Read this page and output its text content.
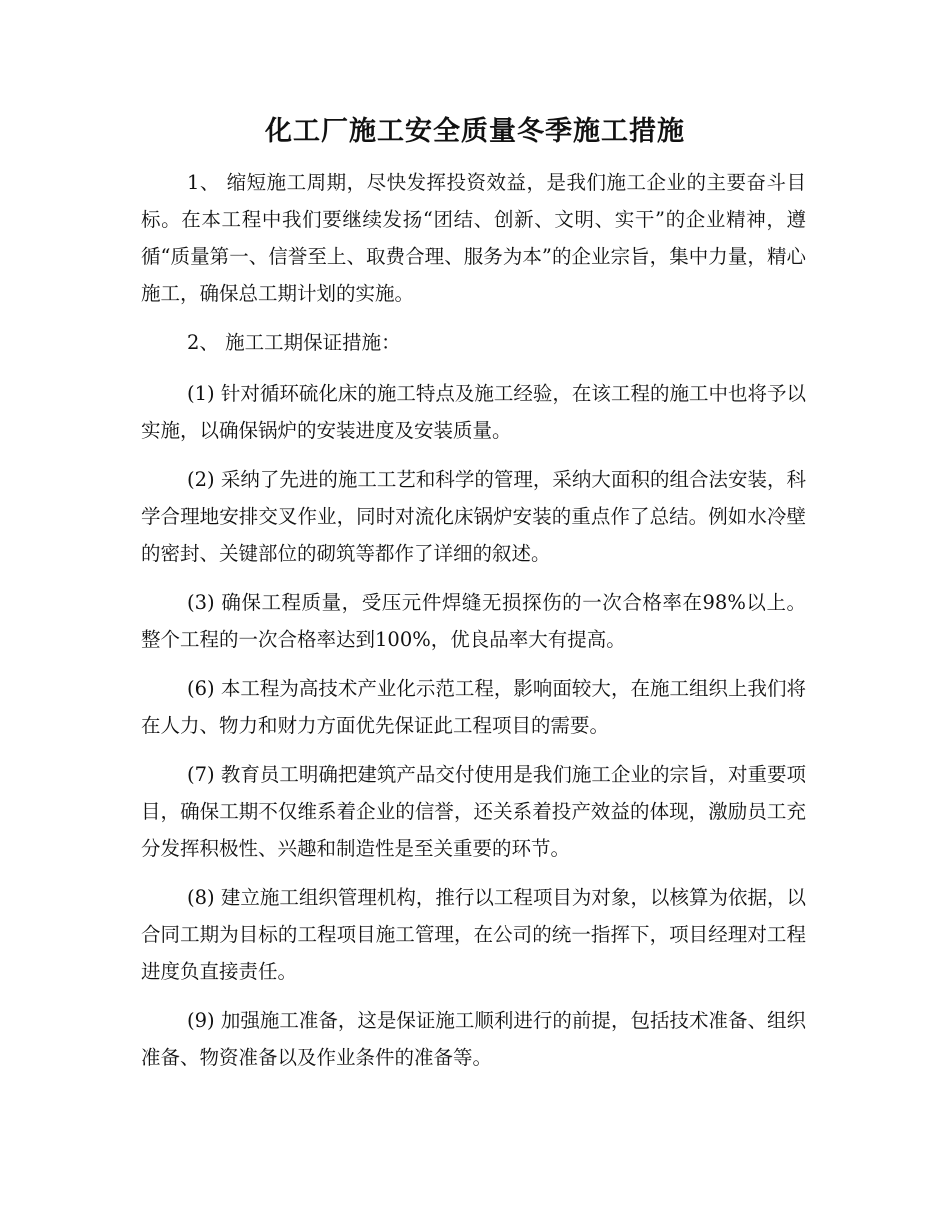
化工厂施工安全质量冬季施工措施

1、 缩短施工周期，尽快发挥投资效益，是我们施工企业的主要奋斗目标。在本工程中我们要继续发扬“团结、创新、文明、实干”的企业精神，遵循“质量第一、信誉至上、取费合理、服务为本”的企业宗旨，集中力量，精心施工，确保总工期计划的实施。

2、 施工工期保证措施：

(1) 针对循环硫化床的施工特点及施工经验，在该工程的施工中也将予以实施，以确保锅炉的安装进度及安装质量。

(2) 采纳了先进的施工工艺和科学的管理，采纳大面积的组合法安装，科学合理地安排交叉作业，同时对流化床锅炉安装的重点作了总结。例如水冷壁的密封、关键部位的砌筑等都作了详细的叙述。

(3) 确保工程质量，受压元件焊缝无损探伤的一次合格率在98%以上。整个工程的一次合格率达到100%，优良品率大有提高。

(6) 本工程为高技术产业化示范工程，影响面较大，在施工组织上我们将在人力、物力和财力方面优先保证此工程项目的需要。

(7) 教育员工明确把建筑产品交付使用是我们施工企业的宗旨，对重要项目，确保工期不仅维系着企业的信誉，还关系着投产效益的体现，激励员工充分发挥积极性、兴趣和制造性是至关重要的环节。

(8) 建立施工组织管理机构，推行以工程项目为对象，以核算为依据，以合同工期为目标的工程项目施工管理，在公司的统一指挥下，项目经理对工程进度负直接责任。

(9) 加强施工准备，这是保证施工顺利进行的前提，包括技术准备、组织准备、物资准备以及作业条件的准备等。
